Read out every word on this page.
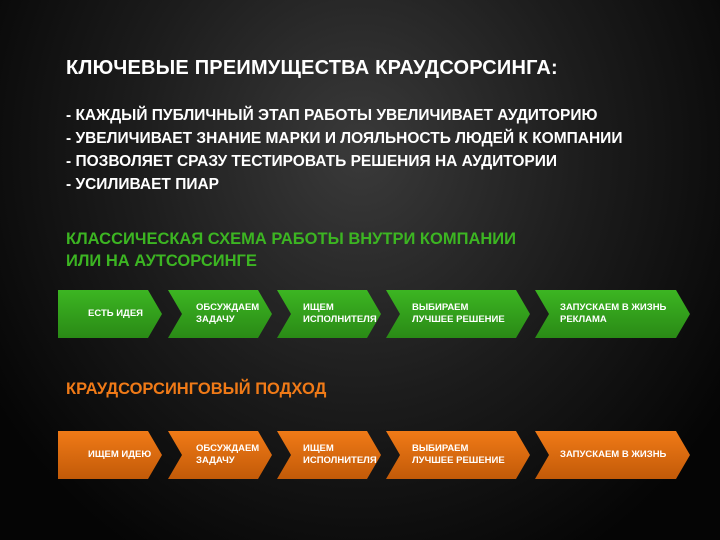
КЛЮЧЕВЫЕ ПРЕИМУЩЕСТВА КРАУДСОРСИНГА:
- КАЖДЫЙ ПУБЛИЧНЫЙ ЭТАП РАБОТЫ УВЕЛИЧИВАЕТ АУДИТОРИЮ
- УВЕЛИЧИВАЕТ ЗНАНИЕ МАРКИ И ЛОЯЛЬНОСТЬ ЛЮДЕЙ К КОМПАНИИ
- ПОЗВОЛЯЕТ СРАЗУ ТЕСТИРОВАТЬ РЕШЕНИЯ НА АУДИТОРИИ
- УСИЛИВАЕТ ПИАР
КЛАССИЧЕСКАЯ СХЕМА РАБОТЫ ВНУТРИ КОМПАНИИ
ИЛИ НА АУТСОРСИНГЕ
ЕСТЬ ИДЕЯ
ОБСУЖДАЕМ
ЗАДАЧУ
ИЩЕМ
ИСПОЛНИТЕЛЯ
ВЫБИРАЕМ
ЛУЧШЕЕ РЕШЕНИЕ
ЗАПУСКАЕМ В ЖИЗНЬ
РЕКЛАМА
КРАУДСОРСИНГОВЫЙ ПОДХОД
ИЩЕМ ИДЕЮ
ОБСУЖДАЕМ
ЗАДАЧУ
ИЩЕМ
ИСПОЛНИТЕЛЯ
ВЫБИРАЕМ
ЛУЧШЕЕ РЕШЕНИЕ
ЗАПУСКАЕМ В ЖИЗНЬ
